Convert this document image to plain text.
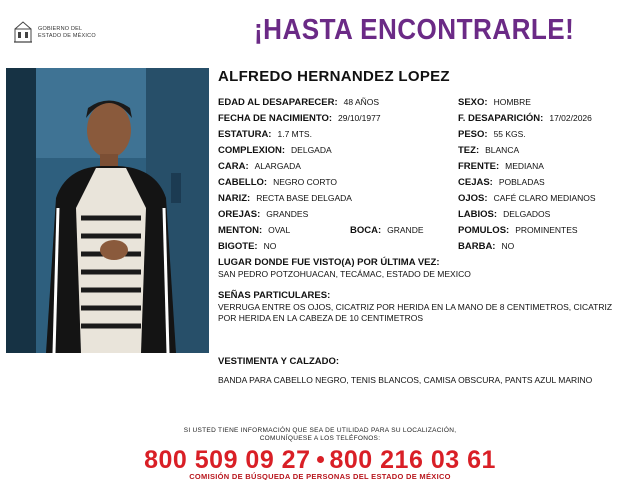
GOBIERNO DEL
ESTADO DE MÉXICO	¡HASTA ENCONTRARLE!
ALFREDO HERNANDEZ LOPEZ
EDAD AL DESAPARECER: 48 AÑOS
FECHA DE NACIMIENTO: 29/10/1977
ESTATURA: 1.7 MTS.
COMPLEXION: DELGADA
CARA: ALARGADA
CABELLO: NEGRO CORTO
NARIZ: RECTA BASE DELGADA
OREJAS: GRANDES
MENTON: OVAL	BOCA: GRANDE
BIGOTE: NO
SEXO: HOMBRE
F. DESAPARICIÓN: 17/02/2026
PESO: 55 KGS.
TEZ: BLANCA
FRENTE: MEDIANA
CEJAS: POBLADAS
OJOS: CAFÉ CLARO MEDIANOS
LABIOS: DELGADOS
POMULOS: PROMINENTES
BARBA: NO
LUGAR DONDE FUE VISTO(A) POR ÚLTIMA VEZ:
SAN PEDRO POTZOHUACAN, TECÁMAC, ESTADO DE MEXICO
SEÑAS PARTICULARES:
VERRUGA ENTRE OS OJOS, CICATRIZ POR HERIDA EN LA MANO DE 8 CENTIMETROS, CICATRIZ POR HERIDA EN LA CABEZA DE 10 CENTIMETROS
VESTIMENTA Y CALZADO:
BANDA PARA CABELLO NEGRO, TENIS BLANCOS, CAMISA OBSCURA, PANTS AZUL MARINO
SI USTED TIENE INFORMACIÓN QUE SEA DE UTILIDAD PARA SU LOCALIZACIÓN,
COMUNÍQUESE A LOS TELÉFONOS:
800 509 09 27 800 216 03 61
COMISIÓN DE BÚSQUEDA DE PERSONAS DEL ESTADO DE MÉXICO
